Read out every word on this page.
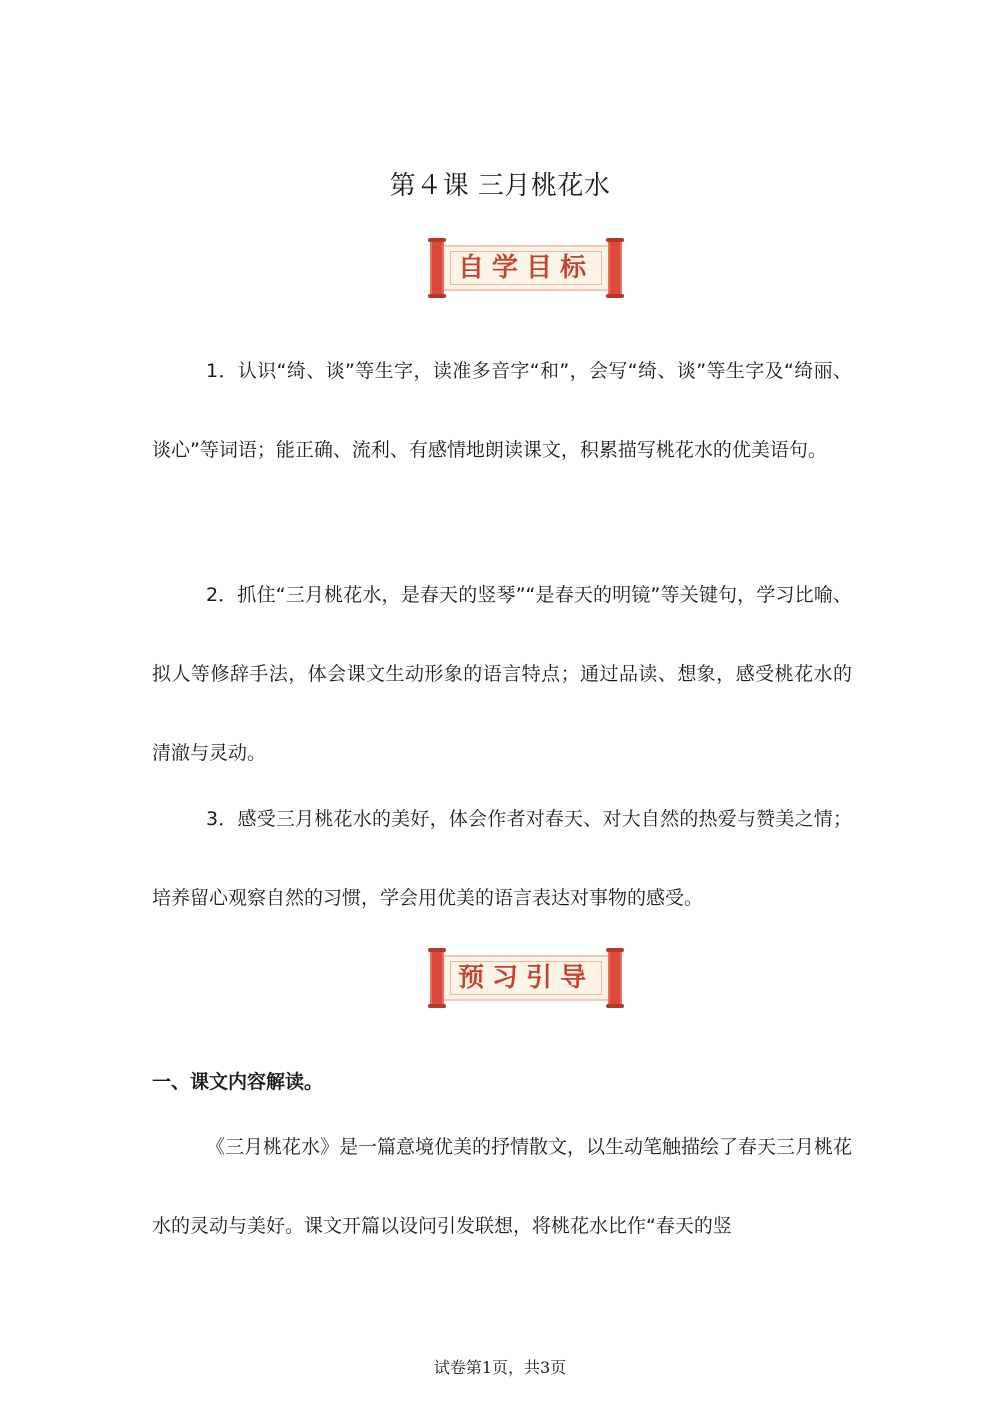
第４课 三月桃花水
自学目标

1．认识“绮、谈”等生字，读准多音字“和”，会写“绮、谈”等生字及“绮丽、谈心”等词语；能正确、流利、有感情地朗读课文，积累描写桃花水的优美语句。

2．抓住“三月桃花水，是春天的竖琴”“是春天的明镜”等关键句，学习比喻、拟人等修辞手法，体会课文生动形象的语言特点；通过品读、想象，感受桃花水的清澈与灵动。

3．感受三月桃花水的美好，体会作者对春天、对大自然的热爱与赞美之情；培养留心观察自然的习惯，学会用优美的语言表达对事物的感受。

预习引导
一、课文内容解读。

《三月桃花水》是一篇意境优美的抒情散文，以生动笔触描绘了春天三月桃花水的灵动与美好。课文开篇以设问引发联想，将桃花水比作“春天的竖

试卷第1页，共3页
